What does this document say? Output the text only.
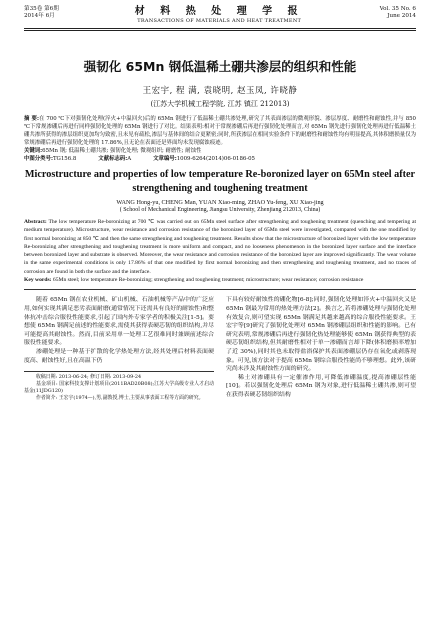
第35卷 第6期
2014年 6月	材 料 热 处 理 学 报
TRANSACTIONS OF MATERIALS AND HEAT TREATMENT
Vol. 35 No. 6
June 2014
强韧化 65Mn 钢低温稀土硼共渗层的组织和性能
王宏宇, 程 满, 袁晓明, 赵玉凤, 许晓静
(江苏大学机械工程学院, 江苏 镇江 212013)
摘 要:在 700 ℃下对强韧化处理(淬火+中温回火)后的 65Mn 钢进行了低温稀土硼共渗处理,研究了其表面渗层的微观形貌、渗层厚度、耐磨性和耐蚀性,并与 850 ℃下常规渗硼后再进行同样强韧化处理的 65Mn 钢进行了对比。结果表明:相对于常规渗硼后再进行强韧化处理而言,对 65Mn 钢先进行强韧化处理再进行低温稀土硼共渗所获得的渗层组织更加均匀致密,且未见有疏松,渗层与基体间的结合更紧密;同时,所获渗层在相同实验条件下的耐磨性和耐蚀性均有明显提高,其体积磨损量仅为常规渗硼后再进行强韧化处理的 17.86%,且无论在表面还是界面均未发现腐蚀痕迹。
关键词:65Mn 钢; 低温稀土硼共渗; 强韧化处理; 微观组织; 耐磨性; 耐蚀性
中图分类号:TG156.8	文献标志码:A	文章编号:1009-6264(2014)06-0186-05
Microstructure and properties of low temperature Re-boronized layer on 65Mn steel after strengthening and toughening treatment
WANG Hong-yu, CHENG Man, YUAN Xiao-ming, ZHAO Yu-feng, XU Xiao-jing
( School of Mechanical Engineering, Jiangsu University, Zhenjiang 212013, China)
Abstract: The low temperature Re-boronizing at 700 ℃ was carried out on 65Mn steel surface after strengthening and toughening treatment (quenching and tempering at medium temperature). Microstructure, wear resistance and corrosion resistance of the boronized layer of 65Mn steel were investigated, compared with the one modified by first normal boronizing at 850 ℃ and then the same strengthening and toughening treatment. Results show that the microstructure of boronized layer with the low temperature Re-boronizing after strengthening and toughening treatment is more uniform and compact, and no looseness phenomenon in the boronized layer surface and the interface between boronized layer and substrate is observed. Moreover, the wear resistance and corrosion resistance of the boronized layer are improved significantly. The wear volume in the same experimental conditions is only 17.86% of that one modified by first normal boronizing and then strengthening and toughening treatment, and no traces of corrosion are found in both the surface and the interface.
Key words: 65Mn steel; low temperature Re-boronizing; strengthening and toughening treatment; microstructure; wear resistance; corrosion resistance

随着 65Mn 钢在农业机械、矿山机械、石油机械等产品中的广泛应用,如何实现其满足恶劣表面耐磨(通常情况下还需具有良好的耐蚀性)和整体抗冲击综合服役性能要求,引起了国内外专家学者的积极关注[1-5]。要想使 65Mn 钢满足前述的性能要求,需使其获得表硬芯韧的组织结构,并尽可能提高其耐蚀性。然而,目前采用单一处理工艺很难同时兼顾前述综合服役性能要求。

渗硼处理是一种基于扩散的化学热处理方法,经其处理后材料表面硬度高、耐蚀性好,且在高温下仍

收稿日期: 2013-06-24; 修订日期: 2013-09-24

基金项目: 国家科技支撑计划项目(2011BAD20B08);江苏大学高级专业人才启动基金(11JDG120)

作者简介: 王宏宇(1974—),男,副教授,博士,主要从事表面工程等方面的研究。

下具有较好耐蚀性的硼化物[6-8];同时,强韧化处理如淬火+中温回火又是 65Mn 钢最为常用的热处理方法[2]。换言之,若将渗硼处理与强韧化处理有效复合,则可望实现 65Mn 钢满足其越来越高的综合服役性能要求。王宏宇等[9]研究了强韧化处理对 65Mn 钢渗硼层组织和性能的影响。已有研究表明,常规渗硼后再进行强韧化热处理能够使 65Mn 钢获得典型的表硬芯韧组织结构,但其耐磨性相对于单一渗硼而言却下降(体积磨损率增加了近 30%),同时其也未取得盐浴保护其表面渗硼层仍存在氧化或剥落现象。可见,该方法对于提高 65Mn 钢综合服役性能尚不够理想。此外,该研究尚未涉及其耐蚀性方面的研究。

稀土对渗硼具有一定催渗作用,可降低渗硼温度,提高渗硼层性能[10]。若以强韧化处理后 65Mn 钢为对象,进行低温稀土硼共渗,则可望在获得表硬芯韧组织结构
